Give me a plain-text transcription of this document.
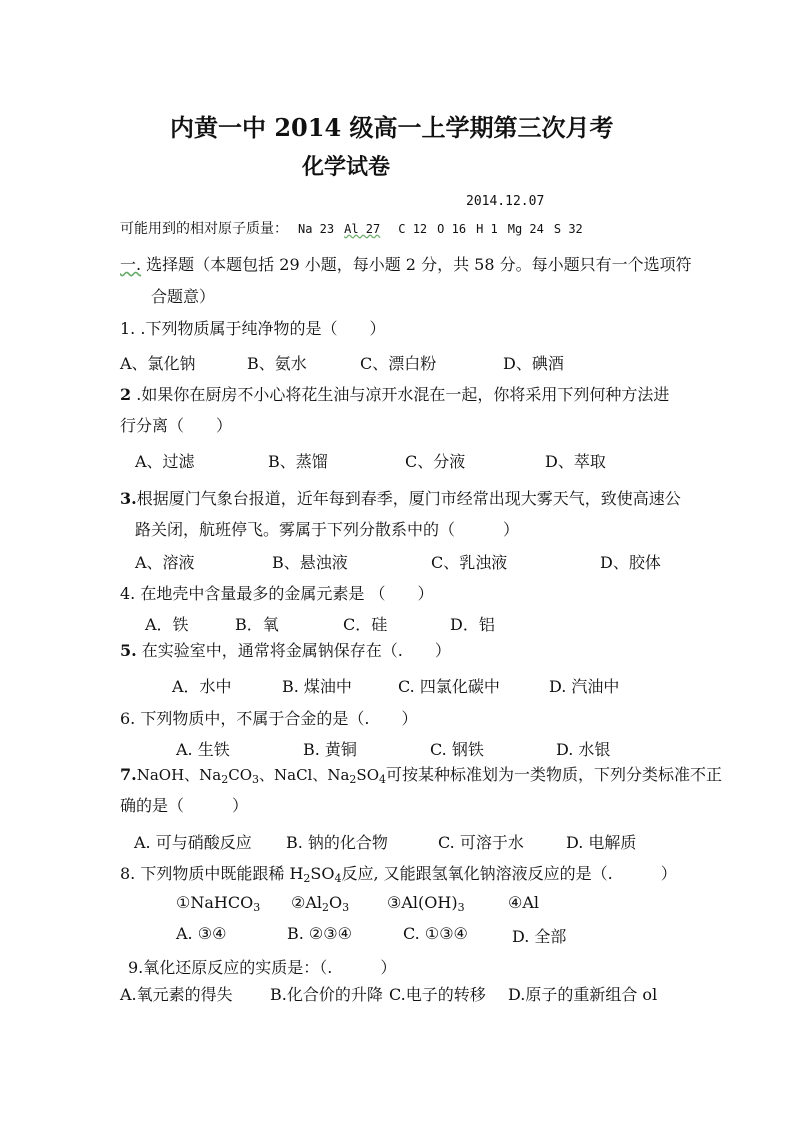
内黄一中 2014 级高一上学期第三次月考
化学试卷
2014.12.07
可能用到的相对原子质量： Na 23 Al 27 C 12 O 16 H 1 Mg 24 S 32
一. 选择题（本题包括 29 小题，每小题 2 分，共 58 分。每小题只有一个选项符
合题意）
1. .下列物质属于纯净物的是（　　）
A、氯化钠	B、氨水	C、漂白粉	D、碘酒
2 .如果你在厨房不小心将花生油与凉开水混在一起，你将采用下列何种方法进
行分离（　　）
A、过滤	B、蒸馏	C、分液	D、萃取
3.根据厦门气象台报道，近年每到春季，厦门市经常出现大雾天气，致使高速公
路关闭，航班停飞。雾属于下列分散系中的（　　　）
A、溶液	B、悬浊液	C、乳浊液	D、胶体
4. 在地壳中含量最多的金属元素是 （　　）
A．铁	B．氧	C．硅	D．铝
5. 在实验室中，通常将金属钠保存在（.　　）
A．水中	B. 煤油中	C. 四氯化碳中	D. 汽油中
6. 下列物质中，不属于合金的是（.　　）
A. 生铁	B. 黄铜	C. 钢铁	D. 水银
7.NaOH、$Na_2CO_3$、NaCl、$Na_2SO_4$可按某种标准划为一类物质，下列分类标准不正
确的是（　　　）
A. 可与硝酸反应 B. 钠的化合物	C. 可溶于水	D. 电解质
8. 下列物质中既能跟稀 $H_2SO_4$反应, 又能跟氢氧化钠溶液反应的是（.　　　）
①NaHCO$_3$ $②Al_2O_3$ $③Al(OH)_3$	④Al
A. ③④	B. ②③④	C. ①③④	D. 全部
9.氧化还原反应的实质是：（.　　　）
A.氧元素的得失 B.化合价的升降 C.电子的转移 D.原子的重新组合 ol
